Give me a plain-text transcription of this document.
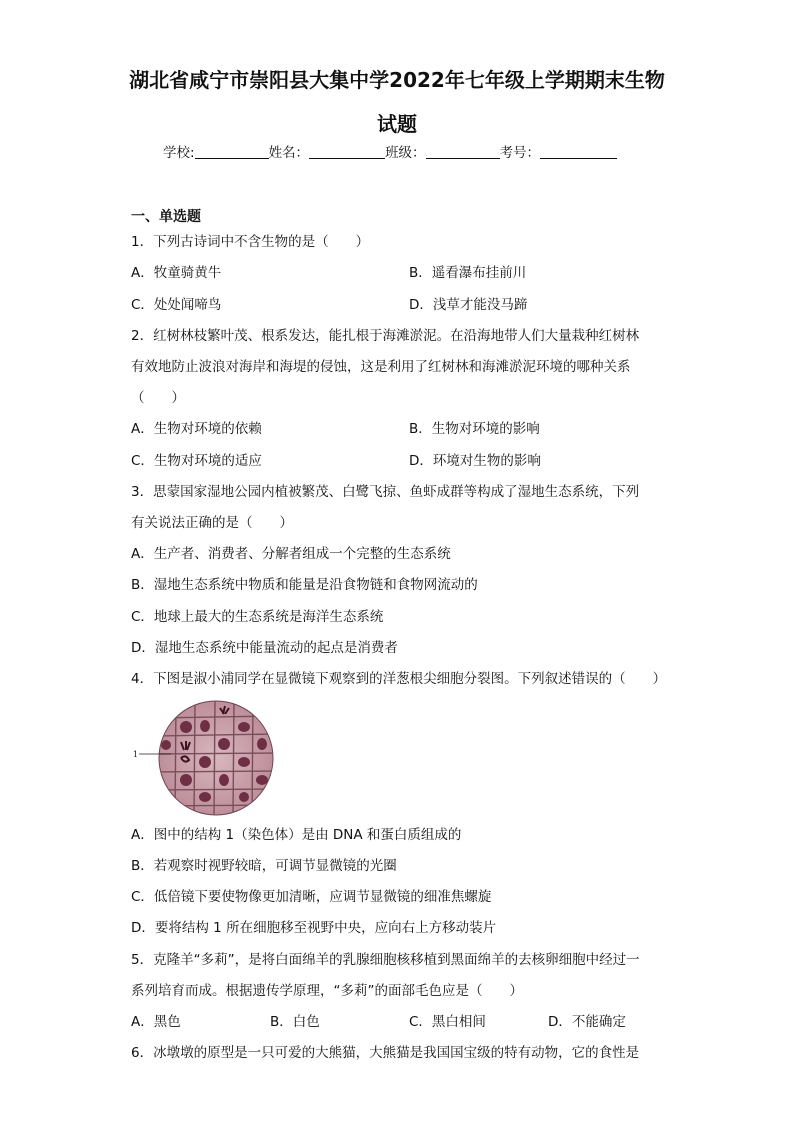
湖北省咸宁市崇阳县大集中学2022年七年级上学期期末生物
试题
学校:	姓名：	班级：	考号：
一、单选题
1．下列古诗词中不含生物的是（　　）
A．牧童骑黄牛	B．遥看瀑布挂前川
C．处处闻啼鸟	D．浅草才能没马蹄
2．红树林枝繁叶茂、根系发达，能扎根于海滩淤泥。在沿海地带人们大量栽种红树林
有效地防止波浪对海岸和海堤的侵蚀，这是利用了红树林和海滩淤泥环境的哪种关系
（　　）
A．生物对环境的依赖	B．生物对环境的影响
C．生物对环境的适应	D．环境对生物的影响
3．思蒙国家湿地公园内植被繁茂、白鹭飞掠、鱼虾成群等构成了湿地生态系统，下列
有关说法正确的是（　　）
A．生产者、消费者、分解者组成一个完整的生态系统
B．湿地生态系统中物质和能量是沿食物链和食物网流动的
C．地球上最大的生态系统是海洋生态系统
D．湿地生态系统中能量流动的起点是消费者
4．下图是淑小浦同学在显微镜下观察到的洋葱根尖细胞分裂图。下列叙述错误的（　　）
1
A．图中的结构 1（染色体）是由 DNA 和蛋白质组成的
B．若观察时视野较暗，可调节显微镜的光圈
C．低倍镜下要使物像更加清晰，应调节显微镜的细准焦螺旋
D．要将结构 1 所在细胞移至视野中央，应向右上方移动装片
5．克隆羊“多莉”，是将白面绵羊的乳腺细胞核移植到黑面绵羊的去核卵细胞中经过一
系列培育而成。根据遗传学原理，“多莉”的面部毛色应是（　　）
A．黑色	B．白色	C．黑白相间	D．不能确定
6．冰墩墩的原型是一只可爱的大熊猫，大熊猫是我国国宝级的特有动物，它的食性是
